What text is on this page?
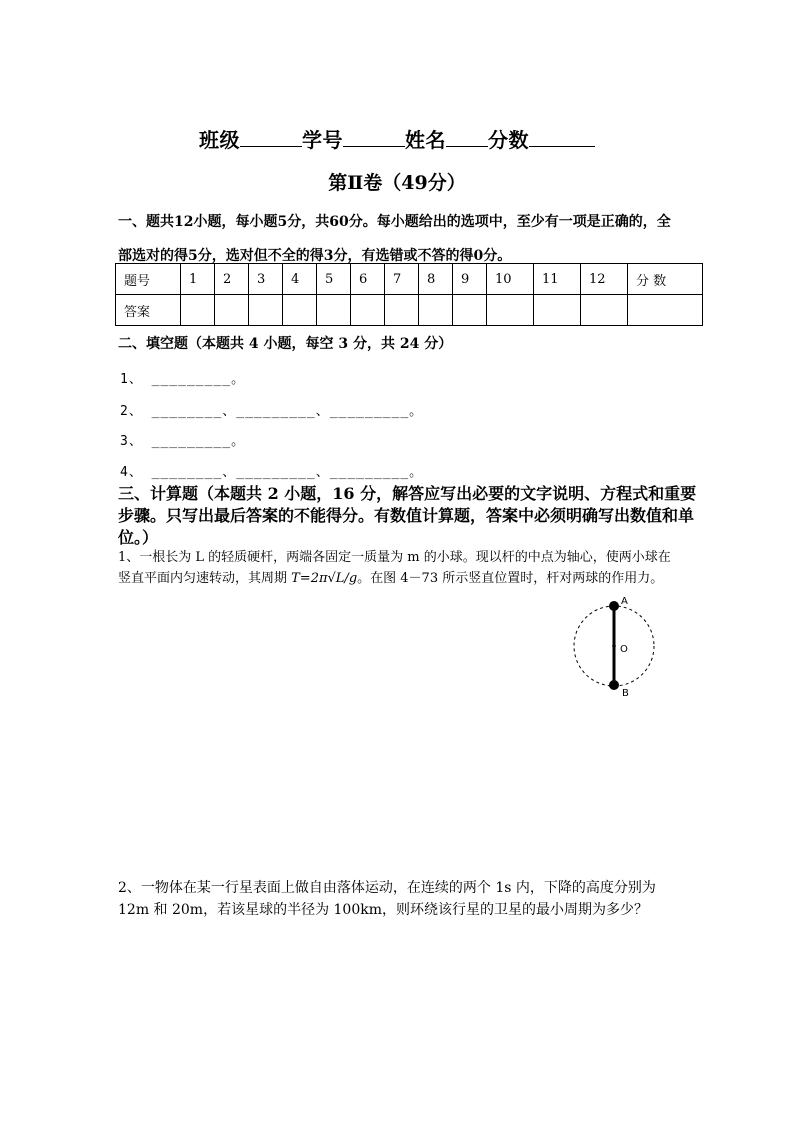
班级	学号	姓名 分数
第Ⅱ卷（49分）
一、题共12小题，每小题5分，共60分。每小题给出的选项中，至少有一项是正确的，全
部选对的得5分，选对但不全的得3分，有选错或不答的得0分。
题号	1	2	3	4	5	6	7	8	9	10	11	12	分 数
答案													
二、填空题（本题共 4 小题，每空 3 分，共 24 分）
1、 _________。
2、 ________、_________、_________。
3、 _________。
4、 ________、_________、_________。
三、计算题（本题共 2 小题，16 分，解答应写出必要的文字说明、方程式和重要步骤。只写出最后答案的不能得分。有数值计算题，答案中必须明确写出数值和单位。）
1、一根长为 L 的轻质硬杆，两端各固定一质量为 m 的小球。现以杆的中点为轴心，使两小球在竖直平面内匀速转动，其周期 T=2π√L/g。在图 4－73 所示竖直位置时，杆对两球的作用力。
A
O
B
2、一物体在某一行星表面上做自由落体运动，在连续的两个 1s 内，下降的高度分别为 12m 和 20m，若该星球的半径为 100km，则环绕该行星的卫星的最小周期为多少？
